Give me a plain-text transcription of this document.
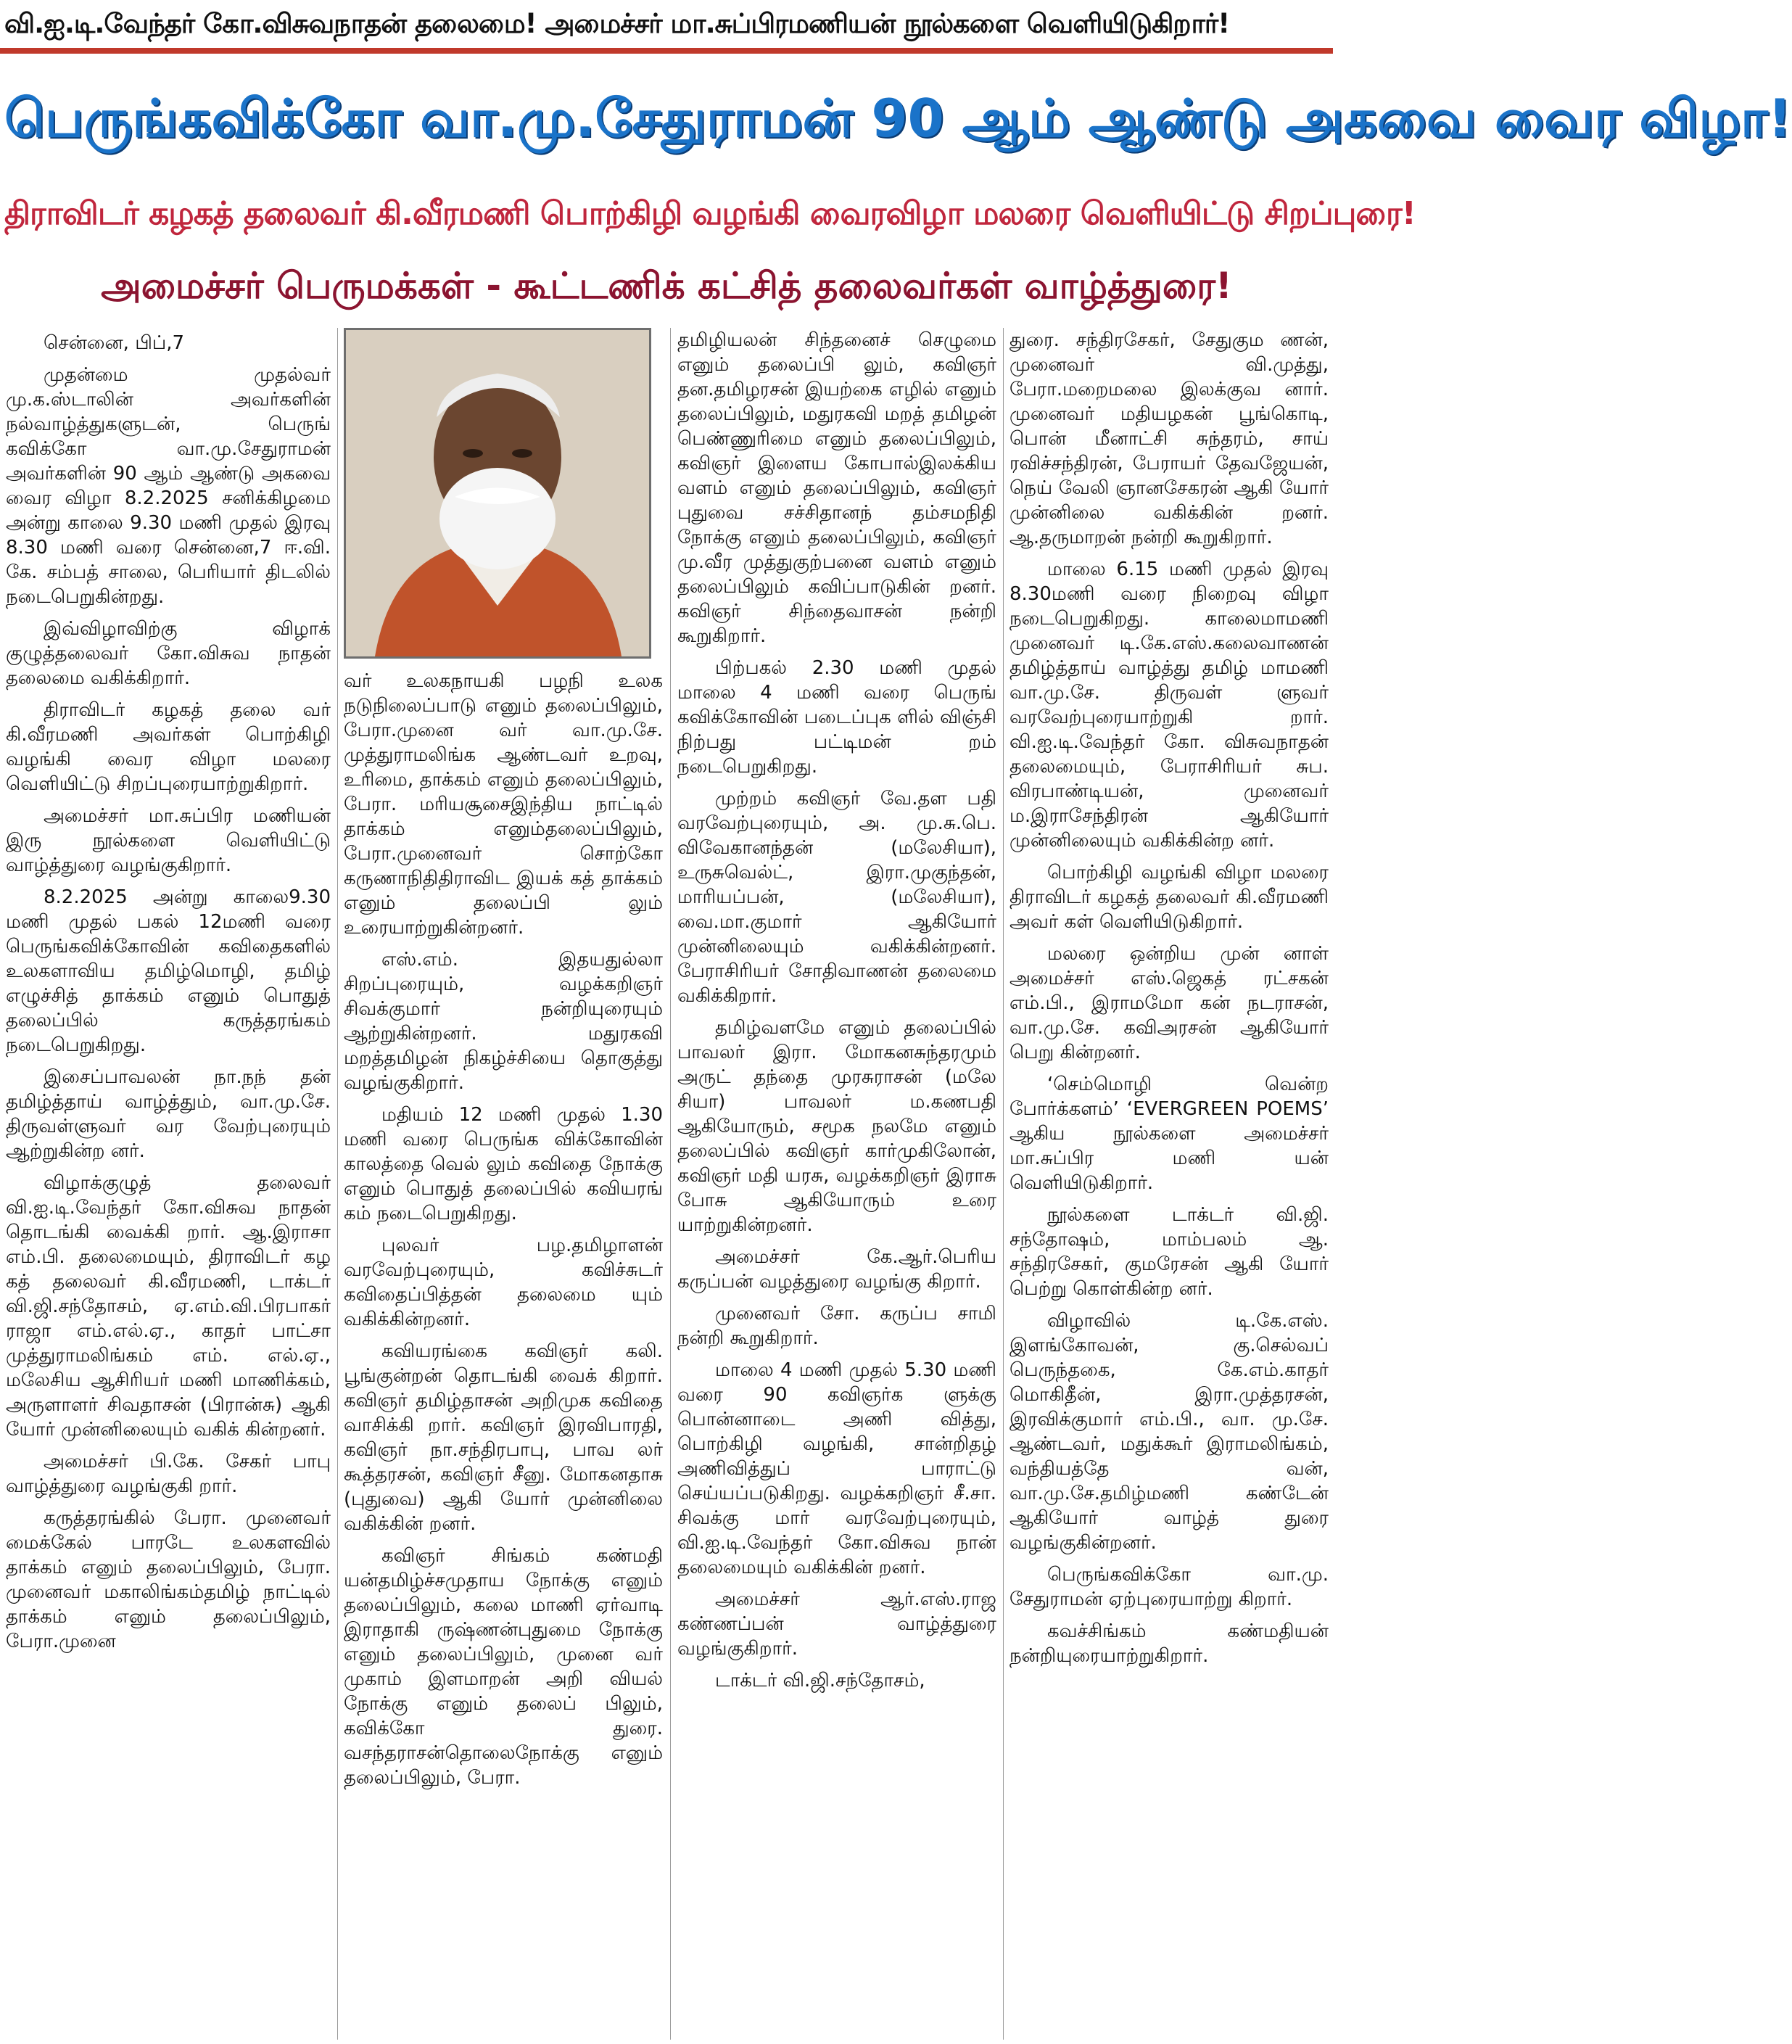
வி.ஐ.டி.வேந்தர் கோ.விசுவநாதன் தலைமை! அமைச்சர் மா.சுப்பிரமணியன் நூல்களை வெளியிடுகிறார்!
பெருங்கவிக்கோ வா.மு.சேதுராமன் 90 ஆம் ஆண்டு அகவை வைர விழா!
திராவிடர் கழகத் தலைவர் கி.வீரமணி பொற்கிழி வழங்கி வைரவிழா மலரை வெளியிட்டு சிறப்புரை!
அமைச்சர் பெருமக்கள் - கூட்டணிக் கட்சித் தலைவர்கள் வாழ்த்துரை!

சென்னை, பிப்,7

முதன்மை முதல்வர் மு.க.ஸ்டாலின் அவர்களின் நல்வாழ்த்துகளுடன், பெருங் கவிக்கோ வா.மு.சேதுராமன் அவர்களின் 90 ஆம் ஆண்டு அகவை வைர விழா 8.2.2025 சனிக்கிழமை அன்று காலை 9.30 மணி முதல் இரவு 8.30 மணி வரை சென்னை,7 ஈ.வி. கே. சம்பத் சாலை, பெரியார் திடலில் நடைபெறுகின்றது.

இவ்விழாவிற்கு விழாக் குழுத்தலைவர் கோ.விசுவ நாதன் தலைமை வகிக்கிறார்.

திராவிடர் கழகத் தலை வர் கி.வீரமணி அவர்கள் பொற்கிழி வழங்கி வைர விழா மலரை வெளியிட்டு சிறப்புரையாற்றுகிறார்.

அமைச்சர் மா.சுப்பிர மணியன் இரு நூல்களை வெளியிட்டு வாழ்த்துரை வழங்குகிறார்.

8.2.2025 அன்று காலை9.30 மணி முதல் பகல் 12மணி வரை பெருங்கவிக்கோவின் கவிதைகளில் உலகளாவிய தமிழ்மொழி, தமிழ் எழுச்சித் தாக்கம் எனும் பொதுத் தலைப்பில் கருத்தரங்கம் நடைபெறுகிறது.

இசைப்பாவலன் நா.நந் தன் தமிழ்த்தாய் வாழ்த்தும், வா.மு.சே. திருவள்ளுவர் வர வேற்புரையும் ஆற்றுகின்ற னர்.

விழாக்குழுத் தலைவர் வி.ஐ.டி.வேந்தர் கோ.விசுவ நாதன் தொடங்கி வைக்கி றார். ஆ.இராசா எம்.பி. தலைமையும், திராவிடர் கழ கத் தலைவர் கி.வீரமணி, டாக்டர் வி.ஜி.சந்தோசம், ஏ.எம்.வி.பிரபாகர் ராஜா எம்.எல்.ஏ., காதர் பாட்சா முத்துராமலிங்கம் எம். எல்.ஏ., மலேசிய ஆசிரியர் மணி மாணிக்கம், அருளாளர் சிவதாசன் (பிரான்சு) ஆகி யோர் முன்னிலையும் வகிக் கின்றனர்.

அமைச்சர் பி.கே. சேகர் பாபு வாழ்த்துரை வழங்குகி றார்.

கருத்தரங்கில் பேரா. முனைவர் மைக்கேல் பாரடே உலகளவில் தாக்கம் எனும் தலைப்பிலும், பேரா. முனைவர் மகாலிங்கம்தமிழ் நாட்டில் தாக்கம் எனும் தலைப்பிலும், பேரா.முனை

வர் உலகநாயகி பழநி உலக நடுநிலைப்பாடு எனும் தலைப்பிலும், பேரா.முனை வர் வா.மு.சே. முத்துராமலிங்க ஆண்டவர் உறவு, உரிமை, தாக்கம் எனும் தலைப்பிலும், பேரா. மரியசூசைஇந்திய நாட்டில் தாக்கம் எனும்தலைப்பிலும், பேரா.முனைவர் சொற்கோ கருணாநிதிதிராவிட இயக் கத் தாக்கம் எனும் தலைப்பி லும் உரையாற்றுகின்றனர்.

எஸ்.எம். இதயதுல்லா சிறப்புரையும், வழக்கறிஞர் சிவக்குமார் நன்றியுரையும் ஆற்றுகின்றனர். மதுரகவி மறத்தமிழன் நிகழ்ச்சியை தொகுத்து வழங்குகிறார்.

மதியம் 12 மணி முதல் 1.30 மணி வரை பெருங்க விக்கோவின் காலத்தை வெல் லும் கவிதை நோக்கு எனும் பொதுத் தலைப்பில் கவியரங் கம் நடைபெறுகிறது.

புலவர் பழ.தமிழாளன் வரவேற்புரையும், கவிச்சுடர் கவிதைப்பித்தன் தலைமை யும் வகிக்கின்றனர்.

கவியரங்கை கவிஞர் கலி. பூங்குன்றன் தொடங்கி வைக் கிறார். கவிஞர் தமிழ்தாசன் அறிமுக கவிதை வாசிக்கி றார். கவிஞர் இரவிபாரதி, கவிஞர் நா.சந்திரபாபு, பாவ லர் கூத்தரசன், கவிஞர் சீனு. மோகனதாசு (புதுவை) ஆகி யோர் முன்னிலை வகிக்கின் றனர்.

கவிஞர் சிங்கம் கண்மதி யன்தமிழ்ச்சமுதாய நோக்கு எனும் தலைப்பிலும், கலை மாணி ஏர்வாடி இராதாகி ருஷ்ணன்புதுமை நோக்கு எனும் தலைப்பிலும், முனை வர் முகாம் இளமாறன் அறி வியல் நோக்கு எனும் தலைப் பிலும், கவிக்கோ துரை. வசந்தராசன்தொலைநோக்கு எனும் தலைப்பிலும், பேரா.

தமிழியலன் சிந்தனைச் செழுமை எனும் தலைப்பி லும், கவிஞர் தன.தமிழரசன் இயற்கை எழில் எனும் தலைப்பிலும், மதுரகவி மறத் தமிழன் பெண்ணுரிமை எனும் தலைப்பிலும், கவிஞர் இளைய கோபால்இலக்கிய வளம் எனும் தலைப்பிலும், கவிஞர் புதுவை சச்சிதானந் தம்சமநிதி நோக்கு எனும் தலைப்பிலும், கவிஞர் மு.வீர முத்துகுற்பனை வளம் எனும் தலைப்பிலும் கவிப்பாடுகின் றனர். கவிஞர் சிந்தைவாசன் நன்றி கூறுகிறார்.

பிற்பகல் 2.30 மணி முதல் மாலை 4 மணி வரை பெருங் கவிக்கோவின் படைப்புக ளில் விஞ்சி நிற்பது பட்டிமன் றம் நடைபெறுகிறது.

முற்றம் கவிஞர் வே.தள பதி வரவேற்புரையும், அ. மு.சு.பெ. விவேகானந்தன் (மலேசியா), உருசுவெல்ட், இரா.முகுந்தன், மாரியப்பன், (மலேசியா), வை.மா.குமார் ஆகியோர் முன்னிலையும் வகிக்கின்றனர். பேராசிரியர் சோதிவாணன் தலைமை வகிக்கிறார்.

தமிழ்வளமே எனும் தலைப்பில் பாவலர் இரா. மோகனசுந்தரமும் அருட் தந்தை முரசுராசன் (மலே சியா) பாவலர் ம.கணபதி ஆகியோரும், சமூக நலமே எனும் தலைப்பில் கவிஞர் கார்முகிலோன், கவிஞர் மதி யரசு, வழக்கறிஞர் இராசு போசு ஆகியோரும் உரை யாற்றுகின்றனர்.

அமைச்சர் கே.ஆர்.பெரிய கருப்பன் வழத்துரை வழங்கு கிறார்.

முனைவர் சோ. கருப்ப சாமி நன்றி கூறுகிறார்.

மாலை 4 மணி முதல் 5.30 மணி வரை 90 கவிஞர்க ளுக்கு பொன்னாடை அணி வித்து, பொற்கிழி வழங்கி, சான்றிதழ் அணிவித்துப் பாராட்டு செய்யப்படுகிறது. வழக்கறிஞர் சீ.சா. சிவக்கு மார் வரவேற்புரையும், வி.ஐ.டி.வேந்தர் கோ.விசுவ நான் தலைமையும் வகிக்கின் றனர்.

அமைச்சர் ஆர்.எஸ்.ராஜ கண்ணப்பன் வாழ்த்துரை வழங்குகிறார்.

டாக்டர் வி.ஜி.சந்தோசம்,

துரை. சந்திரசேகர், சேதுகும ணன், முனைவர் வி.முத்து, பேரா.மறைமலை இலக்குவ னார். முனைவர் மதியழகன் பூங்கொடி, பொன் மீனாட்சி சுந்தரம், சாய் ரவிச்சந்திரன், பேராயர் தேவஜேயன், நெய் வேலி ஞானசேகரன் ஆகி யோர் முன்னிலை வகிக்கின் றனர். ஆ.தருமாறன் நன்றி கூறுகிறார்.

மாலை 6.15 மணி முதல் இரவு 8.30மணி வரை நிறைவு விழா நடைபெறுகிறது. காலைமாமணி முனைவர் டி.கே.எஸ்.கலைவாணன் தமிழ்த்தாய் வாழ்த்து தமிழ் மாமணி வா.மு.சே. திருவள் ளுவர் வரவேற்புரையாற்றுகி றார். வி.ஐ.டி.வேந்தர் கோ. விசுவநாதன் தலைமையும், பேராசிரியர் சுப. விரபாண்டியன், முனைவர் ம.இராசேந்திரன் ஆகியோர் முன்னிலையும் வகிக்கின்ற னர்.

பொற்கிழி வழங்கி விழா மலரை திராவிடர் கழகத் தலைவர் கி.வீரமணி அவர் கள் வெளியிடுகிறார்.

மலரை ஒன்றிய முன் னாள் அமைச்சர் எஸ்.ஜெகத் ரட்சகன் எம்.பி., இராமமோ கன் நடராசன், வா.மு.சே. கவிஅரசன் ஆகியோர் பெறு கின்றனர்.

‘செம்மொழி வென்ற போர்க்களம்’ ‘EVERGREEN POEMS’ ஆகிய நூல்களை அமைச்சர் மா.சுப்பிர மணி யன் வெளியிடுகிறார்.

நூல்களை டாக்டர் வி.ஜி. சந்தோஷம், மாம்பலம் ஆ. சந்திரசேகர், குமரேசன் ஆகி யோர் பெற்று கொள்கின்ற னர்.

விழாவில் டி.கே.எஸ். இளங்கோவன், கு.செல்வப் பெருந்தகை, கே.எம்.காதர் மொகிதீன், இரா.முத்தரசன், இரவிக்குமார் எம்.பி., வா. மு.சே. ஆண்டவர், மதுக்கூர் இராமலிங்கம், வந்தியத்தே வன், வா.மு.சே.தமிழ்மணி கண்டேன் ஆகியோர் வாழ்த் துரை வழங்குகின்றனர்.

பெருங்கவிக்கோ வா.மு. சேதுராமன் ஏற்புரையாற்று கிறார்.

கவச்சிங்கம் கண்மதியன் நன்றியுரையாற்றுகிறார்.
